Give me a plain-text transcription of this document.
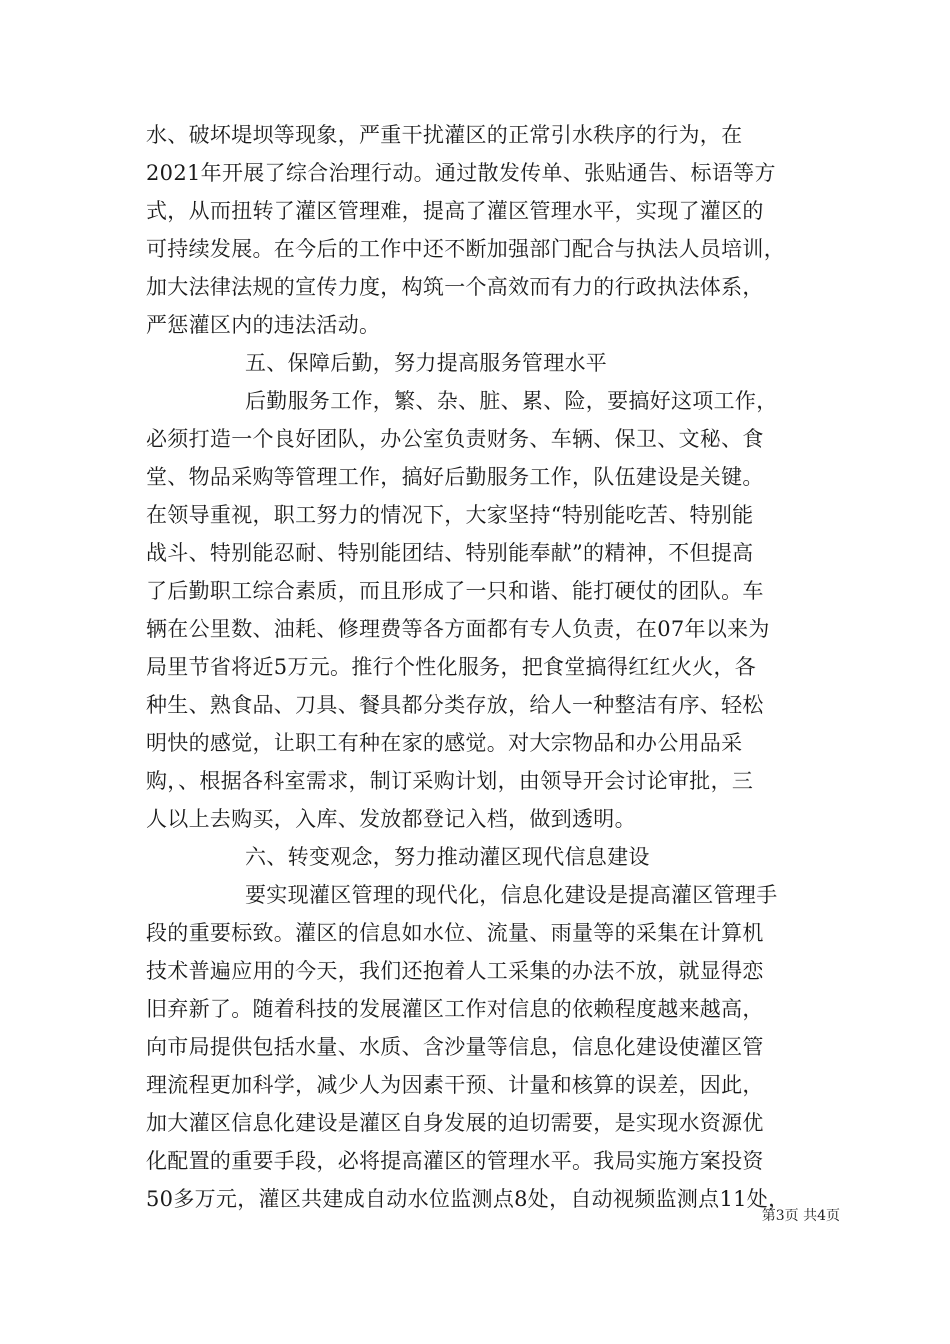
水、破坏堤坝等现象，严重干扰灌区的正常引水秩序的行为，在
2021年开展了综合治理行动。通过散发传单、张贴通告、标语等方
式，从而扭转了灌区管理难，提高了灌区管理水平，实现了灌区的
可持续发展。在今后的工作中还不断加强部门配合与执法人员培训，
加大法律法规的宣传力度，构筑一个高效而有力的行政执法体系，
严惩灌区内的违法活动。
五、保障后勤，努力提高服务管理水平
后勤服务工作，繁、杂、脏、累、险，要搞好这项工作，
必须打造一个良好团队，办公室负责财务、车辆、保卫、文秘、食
堂、物品采购等管理工作，搞好后勤服务工作，队伍建设是关键。
在领导重视，职工努力的情况下，大家坚持“特别能吃苦、特别能
战斗、特别能忍耐、特别能团结、特别能奉献”的精神，不但提高
了后勤职工综合素质，而且形成了一只和谐、能打硬仗的团队。车
辆在公里数、油耗、修理费等各方面都有专人负责，在07年以来为
局里节省将近5万元。推行个性化服务，把食堂搞得红红火火，各
种生、熟食品、刀具、餐具都分类存放，给人一种整洁有序、轻松
明快的感觉，让职工有种在家的感觉。对大宗物品和办公用品采
购，、根据各科室需求，制订采购计划，由领导开会讨论审批，三
人以上去购买，入库、发放都登记入档，做到透明。
六、转变观念，努力推动灌区现代信息建设
要实现灌区管理的现代化，信息化建设是提高灌区管理手
段的重要标致。灌区的信息如水位、流量、雨量等的采集在计算机
技术普遍应用的今天，我们还抱着人工采集的办法不放，就显得恋
旧弃新了。随着科技的发展灌区工作对信息的依赖程度越来越高，
向市局提供包括水量、水质、含沙量等信息，信息化建设使灌区管
理流程更加科学，减少人为因素干预、计量和核算的误差，因此，
加大灌区信息化建设是灌区自身发展的迫切需要，是实现水资源优
化配置的重要手段，必将提高灌区的管理水平。我局实施方案投资
50多万元，灌区共建成自动水位监测点8处，自动视频监测点11处，
第3页 共4页
